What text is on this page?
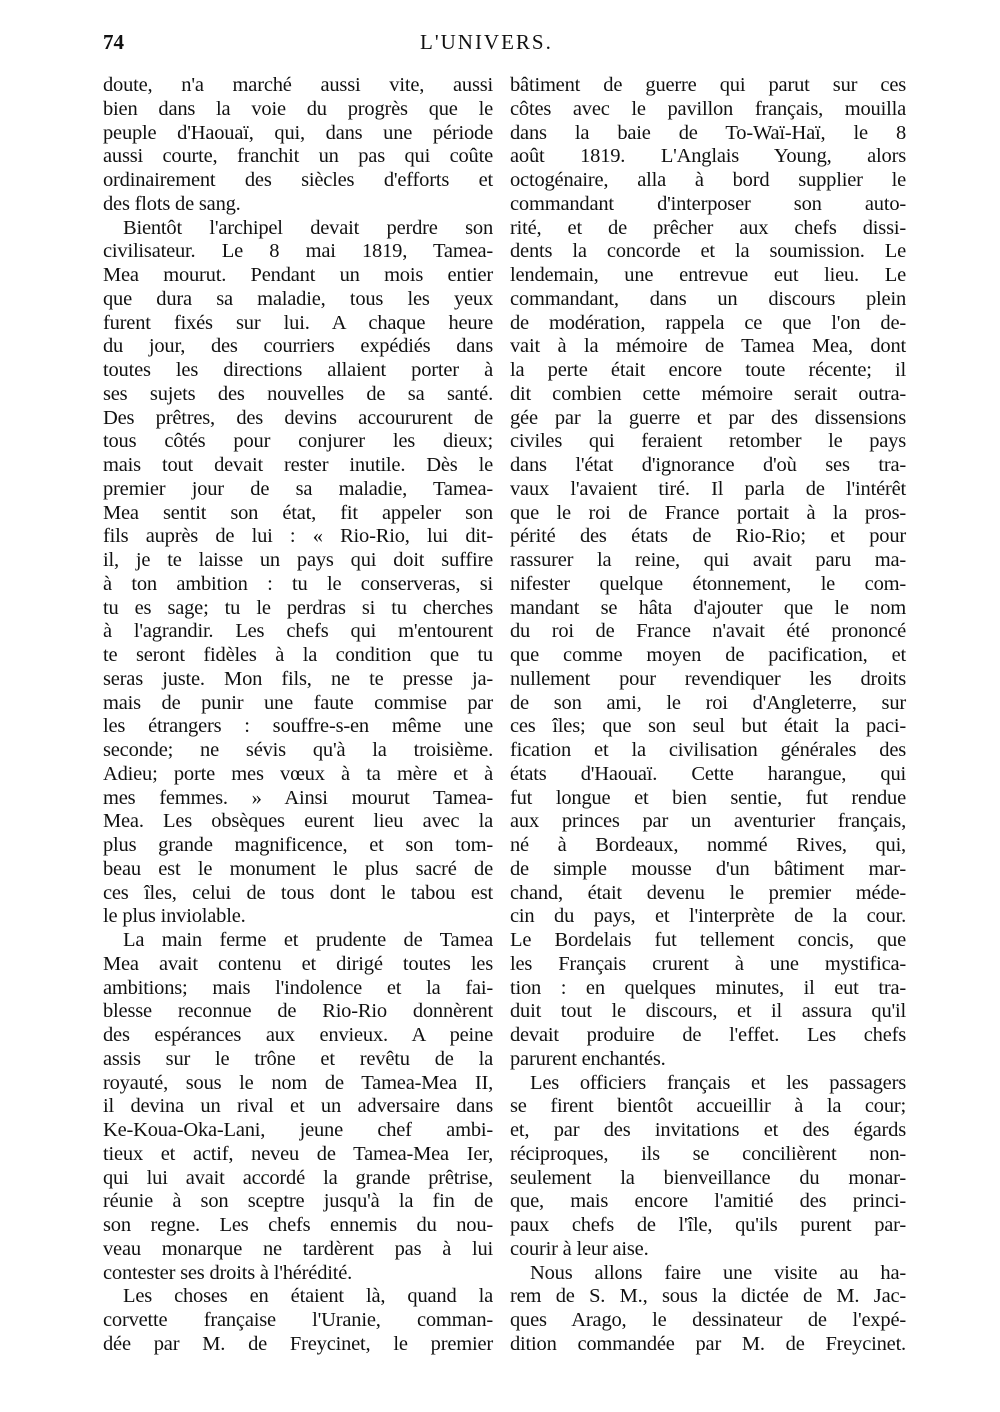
74	L'UNIVERS.
doute, n'a marché aussi vite, aussi
bien dans la voie du progrès que le
peuple d'Haouaï, qui, dans une période
aussi courte, franchit un pas qui coûte
ordinairement des siècles d'efforts et
des flots de sang.
Bientôt l'archipel devait perdre son
civilisateur. Le 8 mai 1819, Tamea-
Mea mourut. Pendant un mois entier
que dura sa maladie, tous les yeux
furent fixés sur lui. A chaque heure
du jour, des courriers expédiés dans
toutes les directions allaient porter à
ses sujets des nouvelles de sa santé.
Des prêtres, des devins accoururent de
tous côtés pour conjurer les dieux;
mais tout devait rester inutile. Dès le
premier jour de sa maladie, Tamea-
Mea sentit son état, fit appeler son
fils auprès de lui : « Rio-Rio, lui dit-
il, je te laisse un pays qui doit suffire
à ton ambition : tu le conserveras, si
tu es sage; tu le perdras si tu cherches
à l'agrandir. Les chefs qui m'entourent
te seront fidèles à la condition que tu
seras juste. Mon fils, ne te presse ja-
mais de punir une faute commise par
les étrangers : souffre-s-en même une
seconde; ne sévis qu'à la troisième.
Adieu; porte mes vœux à ta mère et à
mes femmes. » Ainsi mourut Tamea-
Mea. Les obsèques eurent lieu avec la
plus grande magnificence, et son tom-
beau est le monument le plus sacré de
ces îles, celui de tous dont le tabou est
le plus inviolable.
La main ferme et prudente de Tamea
Mea avait contenu et dirigé toutes les
ambitions; mais l'indolence et la fai-
blesse reconnue de Rio-Rio donnèrent
des espérances aux envieux. A peine
assis sur le trône et revêtu de la
royauté, sous le nom de Tamea-Mea II,
il devina un rival et un adversaire dans
Ke-Koua-Oka-Lani, jeune chef ambi-
tieux et actif, neveu de Tamea-Mea Ier,
qui lui avait accordé la grande prêtrise,
réunie à son sceptre jusqu'à la fin de
son regne. Les chefs ennemis du nou-
veau monarque ne tardèrent pas à lui
contester ses droits à l'hérédité.
Les choses en étaient là, quand la
corvette française l'Uranie, comman-
dée par M. de Freycinet, le premier
bâtiment de guerre qui parut sur ces
côtes avec le pavillon français, mouilla
dans la baie de To-Waï-Haï, le 8
août 1819. L'Anglais Young, alors
octogénaire, alla à bord supplier le
commandant d'interposer son auto-
rité, et de prêcher aux chefs dissi-
dents la concorde et la soumission. Le
lendemain, une entrevue eut lieu. Le
commandant, dans un discours plein
de modération, rappela ce que l'on de-
vait à la mémoire de Tamea Mea, dont
la perte était encore toute récente; il
dit combien cette mémoire serait outra-
gée par la guerre et par des dissensions
civiles qui feraient retomber le pays
dans l'état d'ignorance d'où ses tra-
vaux l'avaient tiré. Il parla de l'intérêt
que le roi de France portait à la pros-
périté des états de Rio-Rio; et pour
rassurer la reine, qui avait paru ma-
nifester quelque étonnement, le com-
mandant se hâta d'ajouter que le nom
du roi de France n'avait été prononcé
que comme moyen de pacification, et
nullement pour revendiquer les droits
de son ami, le roi d'Angleterre, sur
ces îles; que son seul but était la paci-
fication et la civilisation générales des
états d'Haouaï. Cette harangue, qui
fut longue et bien sentie, fut rendue
aux princes par un aventurier français,
né à Bordeaux, nommé Rives, qui,
de simple mousse d'un bâtiment mar-
chand, était devenu le premier méde-
cin du pays, et l'interprète de la cour.
Le Bordelais fut tellement concis, que
les Français crurent à une mystifica-
tion : en quelques minutes, il eut tra-
duit tout le discours, et il assura qu'il
devait produire de l'effet. Les chefs
parurent enchantés.
Les officiers français et les passagers
se firent bientôt accueillir à la cour;
et, par des invitations et des égards
réciproques, ils se concilièrent non-
seulement la bienveillance du monar-
que, mais encore l'amitié des princi-
paux chefs de l'île, qu'ils purent par-
courir à leur aise.
Nous allons faire une visite au ha-
rem de S. M., sous la dictée de M. Jac-
ques Arago, le dessinateur de l'expé-
dition commandée par M. de Freycinet.
